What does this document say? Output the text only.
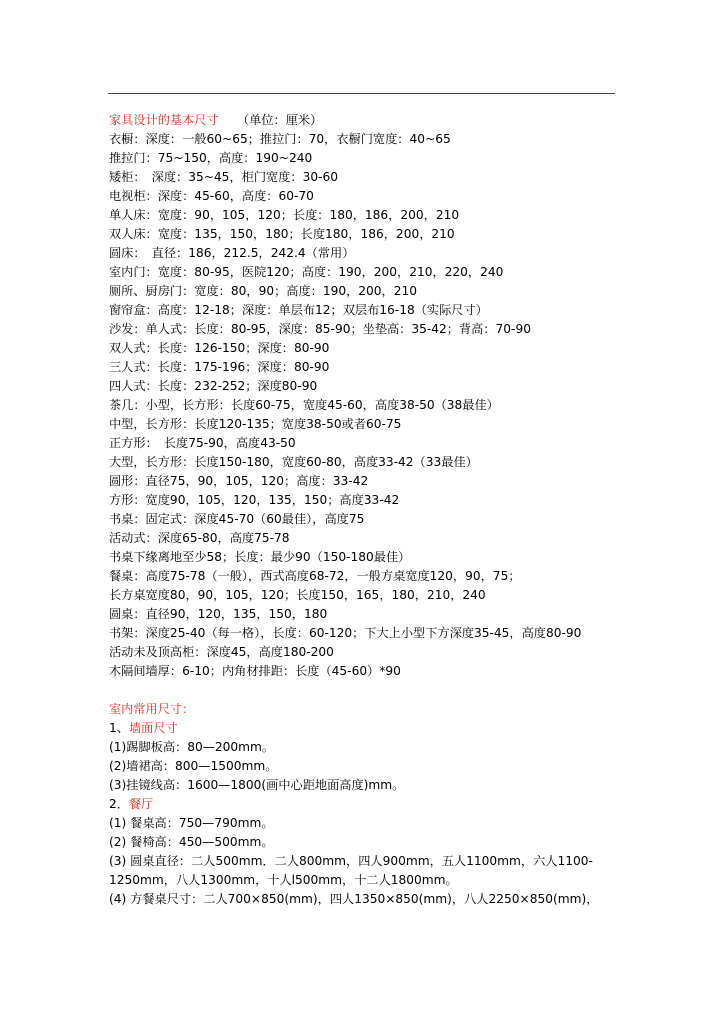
家具设计的基本尺寸　　（单位：厘米）
衣橱：深度：一般60~65；推拉门：70，衣橱门宽度：40~65
推拉门：75~150，高度：190~240
矮柜：　深度：35~45，柜门宽度：30-60
电视柜：深度：45-60，高度：60-70
单人床：宽度：90，105，120；长度：180，186，200，210
双人床：宽度：135，150，180；长度180，186，200，210
圆床：　直径：186，212.5，242.4（常用）
室内门：宽度：80-95，医院120；高度：190，200，210，220，240
厕所、厨房门：宽度：80，90；高度：190，200，210
窗帘盒：高度：12-18；深度：单层布12；双层布16-18（实际尺寸）
沙发：单人式：长度：80-95，深度：85-90；坐垫高：35-42；背高：70-90
双人式：长度：126-150；深度：80-90
三人式：长度：175-196；深度：80-90
四人式：长度：232-252；深度80-90
茶几：小型，长方形：长度60-75，宽度45-60，高度38-50（38最佳）
中型，长方形：长度120-135；宽度38-50或者60-75
正方形：　长度75-90，高度43-50
大型，长方形：长度150-180，宽度60-80，高度33-42（33最佳）
圆形：直径75，90，105，120；高度：33-42
方形：宽度90，105，120，135，150；高度33-42
书桌：固定式：深度45-70（60最佳），高度75
活动式：深度65-80，高度75-78
书桌下缘离地至少58；长度：最少90（150-180最佳）
餐桌：高度75-78（一般），西式高度68-72，一般方桌宽度120，90，75；
长方桌宽度80，90，105，120；长度150，165，180，210，240
圆桌：直径90，120，135，150，180
书架：深度25-40（每一格），长度：60-120；下大上小型下方深度35-45，高度80-90
活动未及顶高柜：深度45，高度180-200
木隔间墙厚：6-10；内角材排距：长度（45-60）*90
室内常用尺寸：
1、墙面尺寸
(1)踢脚板高：80—200mm。
(2)墙裙高：800—1500mm。
(3)挂镜线高：1600—1800(画中心距地面高度)mm。
2．餐厅
(1) 餐桌高：750—790mm。
(2) 餐椅高：450—500mm。
(3) 圆桌直径：二人500mm．二人800mm，四人900mm，五人1100mm，六人1100-
1250mm，八人1300mm，十人l500mm，十二人1800mm。
(4) 方餐桌尺寸：二人700×850(mm)，四人1350×850(mm)，八人2250×850(mm)，
